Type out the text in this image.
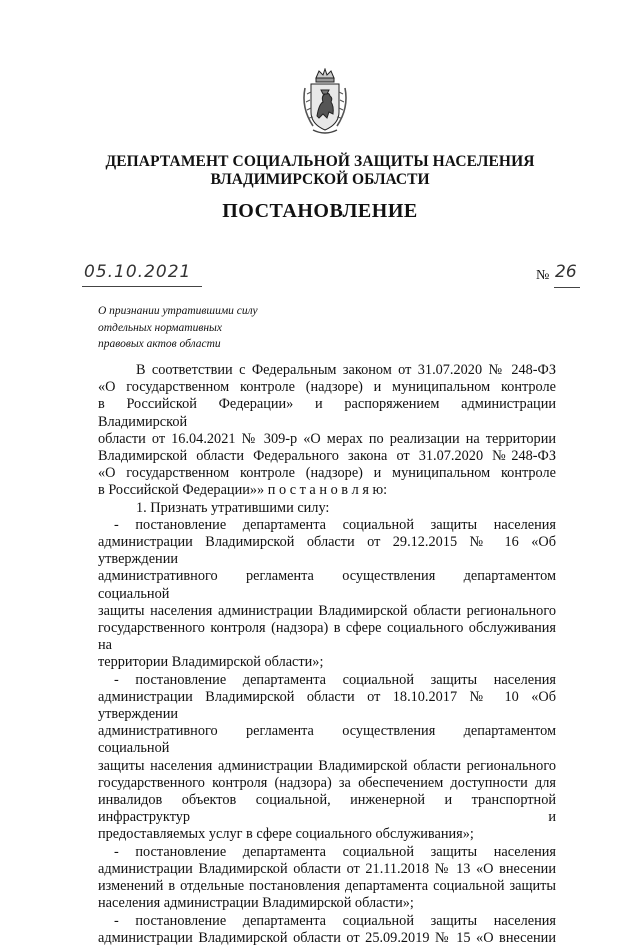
ДЕПАРТАМЕНТ СОЦИАЛЬНОЙ ЗАЩИТЫ НАСЕЛЕНИЯ
ВЛАДИМИРСКОЙ ОБЛАСТИ
ПОСТАНОВЛЕНИЕ
05.10.2021	№ 26
О признании утратившими силу
отдельных нормативных
правовых актов области
В соответствии с Федеральным законом от 31.07.2020 № 248-ФЗ
«О государственном контроле (надзоре) и муниципальном контроле
в Российской Федерации» и распоряжением администрации Владимирской
области от 16.04.2021 № 309-р «О мерах по реализации на территории
Владимирской области Федерального закона от 31.07.2020 №248-ФЗ
«О государственном контроле (надзоре) и муниципальном контроле
в Российской Федерации»» п о с т а н о в л я ю:
1. Признать утратившими силу:
- постановление департамента социальной защиты населения
администрации Владимирской области от 29.12.2015 № 16 «Об утверждении
административного регламента осуществления департаментом социальной
защиты населения администрации Владимирской области регионального
государственного контроля (надзора) в сфере социального обслуживания на
территории Владимирской области»;
- постановление департамента социальной защиты населения
администрации Владимирской области от 18.10.2017 № 10 «Об утверждении
административного регламента осуществления департаментом социальной
защиты населения администрации Владимирской области регионального
государственного контроля (надзора) за обеспечением доступности для
инвалидов объектов социальной, инженерной и транспортной инфраструктур и
предоставляемых услуг в сфере социального обслуживания»;
- постановление департамента социальной защиты населения
администрации Владимирской области от 21.11.2018 № 13 «О внесении
изменений в отдельные постановления департамента социальной защиты
населения администрации Владимирской области»;
- постановление департамента социальной защиты населения
администрации Владимирской области от 25.09.2019 № 15 «О внесении
